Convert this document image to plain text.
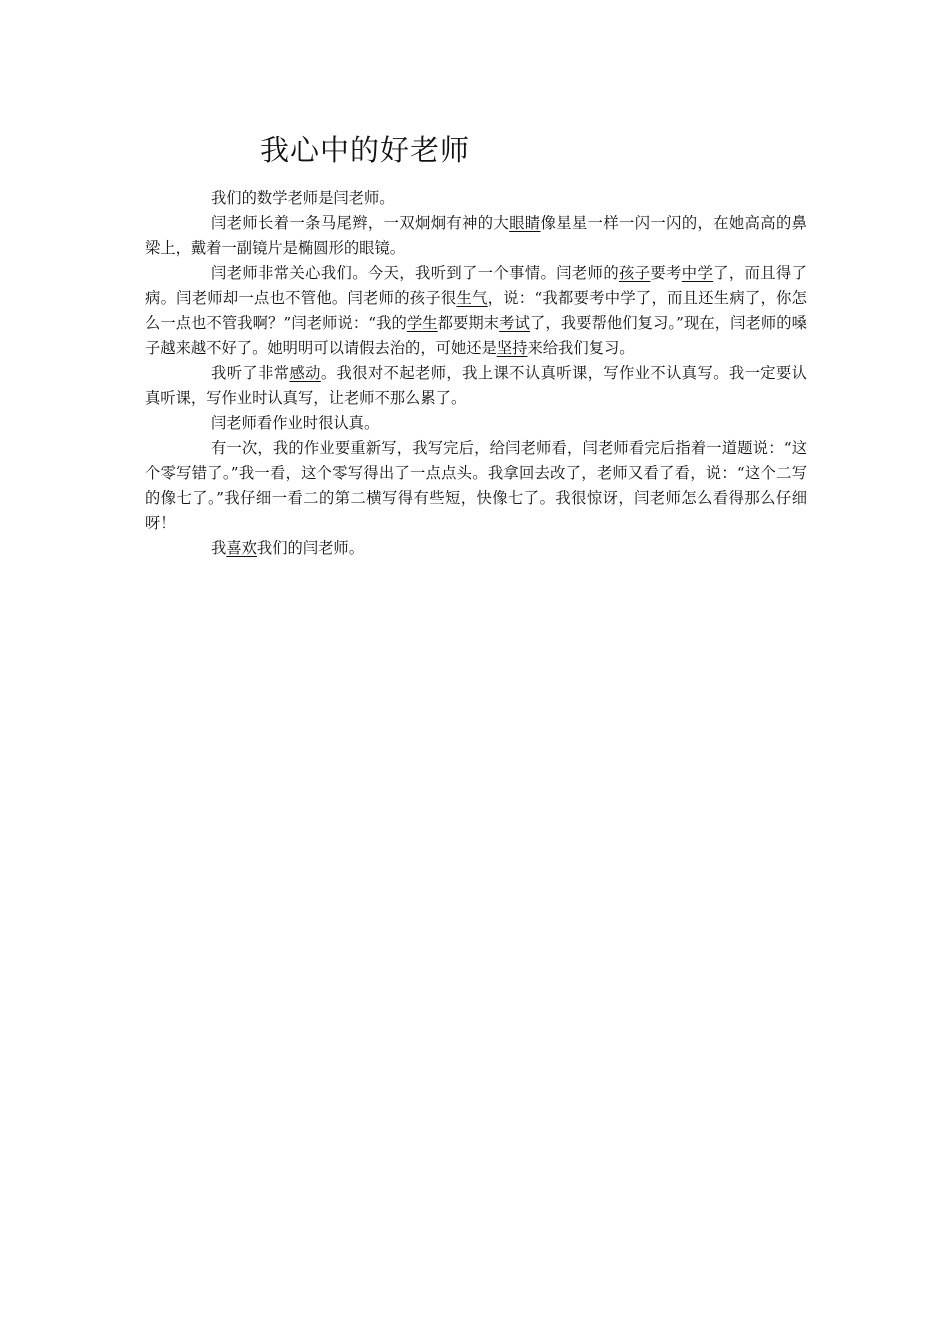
我心中的好老师

我们的数学老师是闫老师。

闫老师长着一条马尾辫，一双炯炯有神的大眼睛像星星一样一闪一闪的，在她高高的鼻梁上，戴着一副镜片是椭圆形的眼镜。

闫老师非常关心我们。今天，我听到了一个事情。闫老师的孩子要考中学了，而且得了病。闫老师却一点也不管他。闫老师的孩子很生气，说：“我都要考中学了，而且还生病了，你怎么一点也不管我啊？”闫老师说：“我的学生都要期末考试了，我要帮他们复习。”现在，闫老师的嗓子越来越不好了。她明明可以请假去治的，可她还是坚持来给我们复习。

我听了非常感动。我很对不起老师，我上课不认真听课，写作业不认真写。我一定要认真听课，写作业时认真写，让老师不那么累了。

闫老师看作业时很认真。

有一次，我的作业要重新写，我写完后，给闫老师看，闫老师看完后指着一道题说：“这个零写错了。”我一看，这个零写得出了一点点头。我拿回去改了，老师又看了看，说：“这个二写的像七了。”我仔细一看二的第二横写得有些短，快像七了。我很惊讶，闫老师怎么看得那么仔细呀！

我喜欢我们的闫老师。
